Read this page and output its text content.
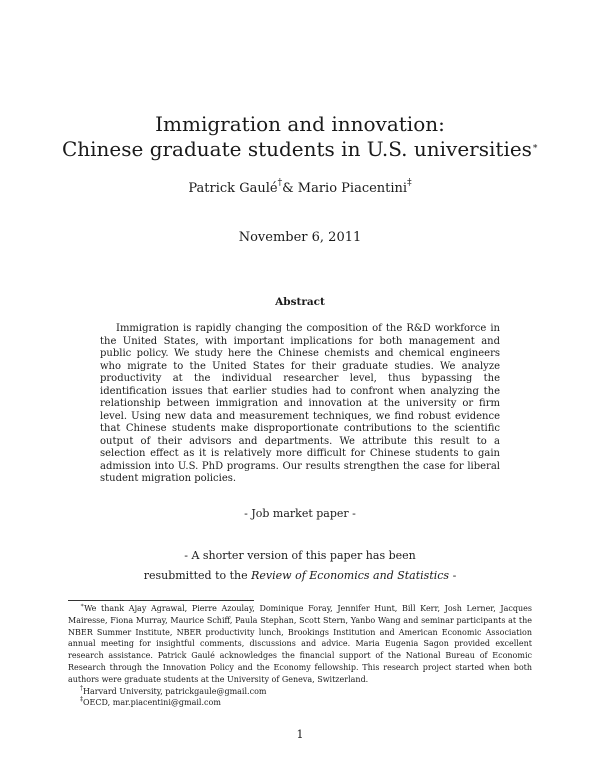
Immigration and innovation:
Chinese graduate students in U.S. universities∗
Patrick Gaulé†& Mario Piacentini‡
November 6, 2011
Abstract

Immigration is rapidly changing the composition of the R&D workforce in the United States, with important implications for both management and public policy. We study here the Chinese chemists and chemical engineers who migrate to the United States for their graduate studies. We analyze productivity at the individual researcher level, thus bypassing the identification issues that earlier studies had to confront when analyzing the relationship between immigration and innovation at the university or firm level. Using new data and measurement techniques, we find robust evidence that Chinese students make disproportionate contributions to the scientific output of their advisors and departments. We attribute this result to a selection effect as it is relatively more difficult for Chinese students to gain admission into U.S. PhD programs. Our results strengthen the case for liberal student migration policies.

- Job market paper -
- A shorter version of this paper has been
resubmitted to the Review of Economics and Statistics -

∗We thank Ajay Agrawal, Pierre Azoulay, Dominique Foray, Jennifer Hunt, Bill Kerr, Josh Lerner, Jacques Mairesse, Fiona Murray, Maurice Schiff, Paula Stephan, Scott Stern, Yanbo Wang and seminar participants at the NBER Summer Institute, NBER productivity lunch, Brookings Institution and American Economic Association annual meeting for insightful comments, discussions and advice. Maria Eugenia Sagon provided excellent research assistance. Patrick Gaulé acknowledges the financial support of the National Bureau of Economic Research through the Innovation Policy and the Economy fellowship. This research project started when both authors were graduate students at the University of Geneva, Switzerland.

†Harvard University, patrickgaule@gmail.com

‡OECD, mar.piacentini@gmail.com

1
